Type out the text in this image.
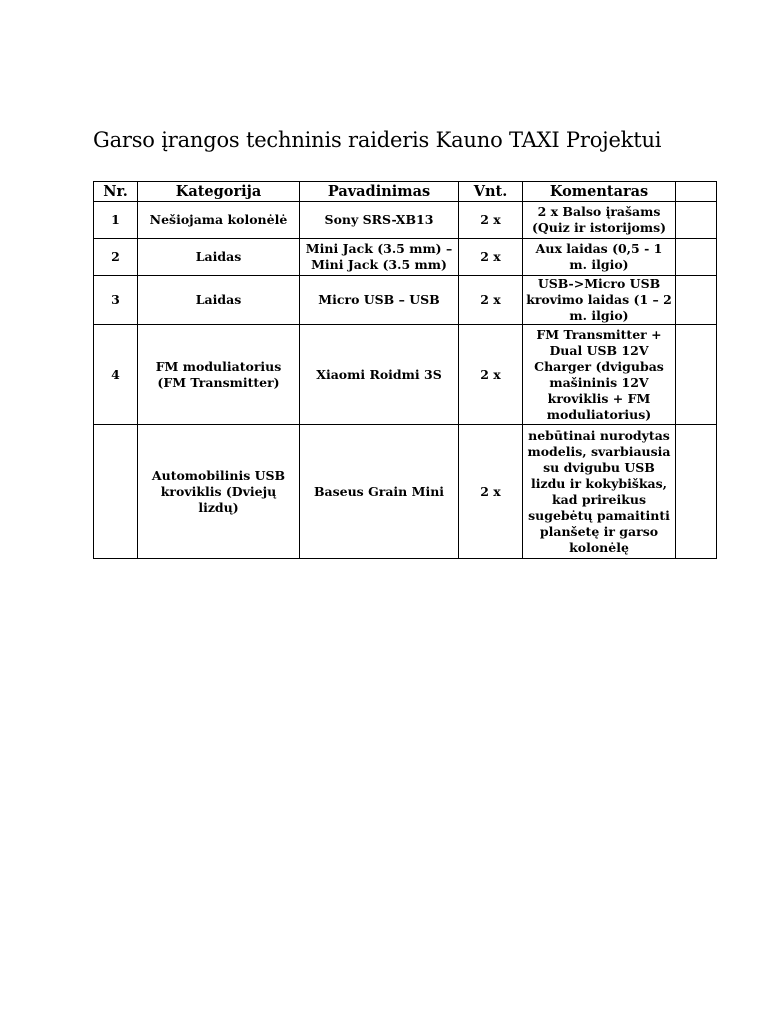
Garso įrangos techninis raideris Kauno TAXI Projektui
Nr.	Kategorija	Pavadinimas	Vnt.	Komentaras	
1	Nešiojama kolonėlė	Sony SRS-XB13	2 x	2 x Balso įrašams (Quiz ir istorijoms)	
2	Laidas	Mini Jack (3.5 mm) – Mini Jack (3.5 mm)	2 x	Aux laidas (0,5 - 1 m. ilgio)	
3	Laidas	Micro USB – USB	2 x	USB->Micro USB krovimo laidas (1 – 2 m. ilgio)	
4	FM moduliatorius (FM Transmitter)	Xiaomi Roidmi 3S	2 x	FM Transmitter + Dual USB 12V Charger (dvigubas mašininis 12V kroviklis + FM moduliatorius)	
	Automobilinis USB kroviklis (Dviejų lizdų)	Baseus Grain Mini	2 x	nebūtinai nurodytas modelis, svarbiausia su dvigubu USB lizdu ir kokybiškas, kad prireikus sugebėtų pamaitinti planšetę ir garso kolonėlę	
